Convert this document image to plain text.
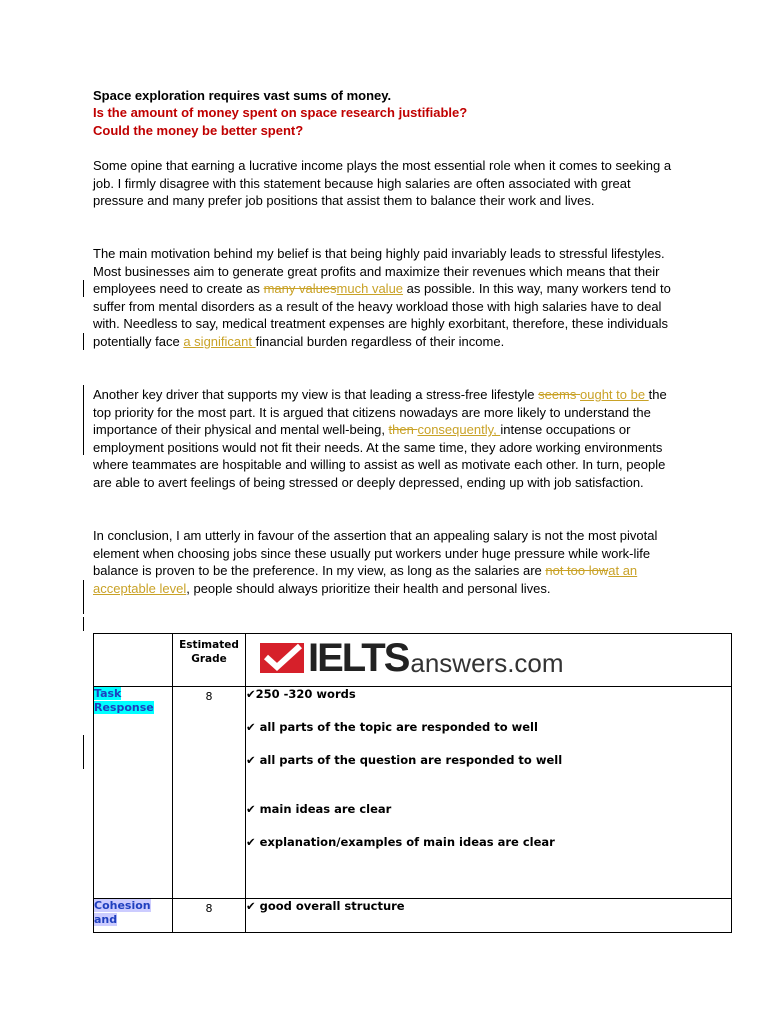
Space exploration requires vast sums of money.
Is the amount of money spent on space research justifiable?
Could the money be better spent?

Some opine that earning a lucrative income plays the most essential role when it comes to seeking a job. I firmly disagree with this statement because high salaries are often associated with great pressure and many prefer job positions that assist them to balance their work and lives.

The main motivation behind my belief is that being highly paid invariably leads to stressful lifestyles. Most businesses aim to generate great profits and maximize their revenues which means that their employees need to create as many valuesmuch value as possible. In this way, many workers tend to suffer from mental disorders as a result of the heavy workload those with high salaries have to deal with. Needless to say, medical treatment expenses are highly exorbitant, therefore, these individuals potentially face a significant financial burden regardless of their income.

Another key driver that supports my view is that leading a stress-free lifestyle seems ought to be the top priority for the most part. It is argued that citizens nowadays are more likely to understand the importance of their physical and mental well-being, then consequently, intense occupations or employment positions would not fit their needs. At the same time, they adore working environments where teammates are hospitable and willing to assist as well as motivate each other. In turn, people are able to avert feelings of being stressed or deeply depressed, ending up with job satisfaction.

In conclusion, I am utterly in favour of the assertion that an appealing salary is not the most pivotal element when choosing jobs since these usually put workers under huge pressure while work-life balance is proven to be the preference. In my view, as long as the salaries are not too lowat an acceptable level, people should always prioritize their health and personal lives.

	Estimated Grade	IELTS answers.com

Task Response	8	✔250 -320 words
✔ all parts of the topic are responded to well
✔ all parts of the question are responded to well
✔ main ideas are clear
✔ explanation/examples of main ideas are clear

Cohesion and	8	✔ good overall structure
